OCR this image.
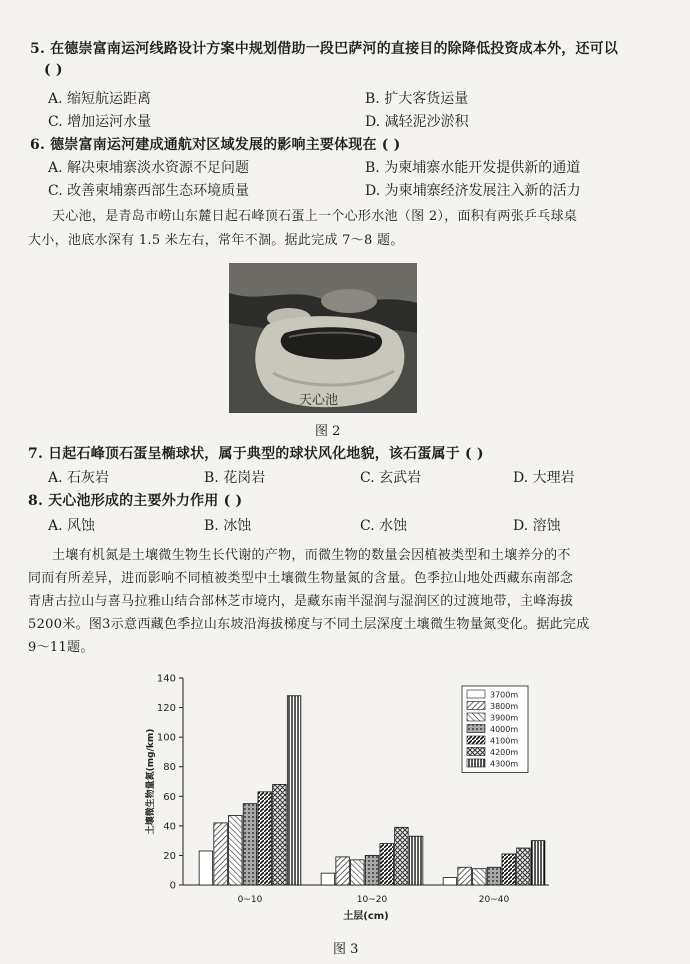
5. 在德崇富南运河线路设计方案中规划借助一段巴萨河的直接目的除降低投资成本外，还可以
( )
A. 缩短航运距离	B. 扩大客货运量
C. 增加运河水量	D. 减轻泥沙淤积
6. 德崇富南运河建成通航对区域发展的影响主要体现在 ( )
A. 解决柬埔寨淡水资源不足问题	B. 为柬埔寨水能开发提供新的通道
C. 改善柬埔寨西部生态环境质量	D. 为柬埔寨经济发展注入新的活力
天心池，是青岛市崂山东麓日起石峰顶石蛋上一个心形水池（图 2），面积有两张乒乓球桌
大小，池底水深有 1.5 米左右，常年不涸。据此完成 7～8 题。
天心池
图 2
7. 日起石峰顶石蛋呈椭球状，属于典型的球状风化地貌，该石蛋属于 ( )
A. 石灰岩	B. 花岗岩	C. 玄武岩	D. 大理岩
8. 天心池形成的主要外力作用 ( )
A. 风蚀	B. 冰蚀	C. 水蚀	D. 溶蚀
土壤有机氮是土壤微生物生长代谢的产物，而微生物的数量会因植被类型和土壤养分的不
同而有所差异，进而影响不同植被类型中土壤微生物量氮的含量。色季拉山地处西藏东南部念
青唐古拉山与喜马拉雅山结合部林芝市境内，是藏东南半湿润与湿润区的过渡地带，主峰海拔
5200米。图3示意西藏色季拉山东坡沿海拔梯度与不同土层深度土壤微生物量氮变化。据此完成
9～11题。
0
20
40
60
80
100
120
140
土壤微生物量氮(mg/km)
0~10	10~20	20~40
土层(cm)
3700m
3800m
3900m
4000m
4100m
4200m
4300m
图 3
